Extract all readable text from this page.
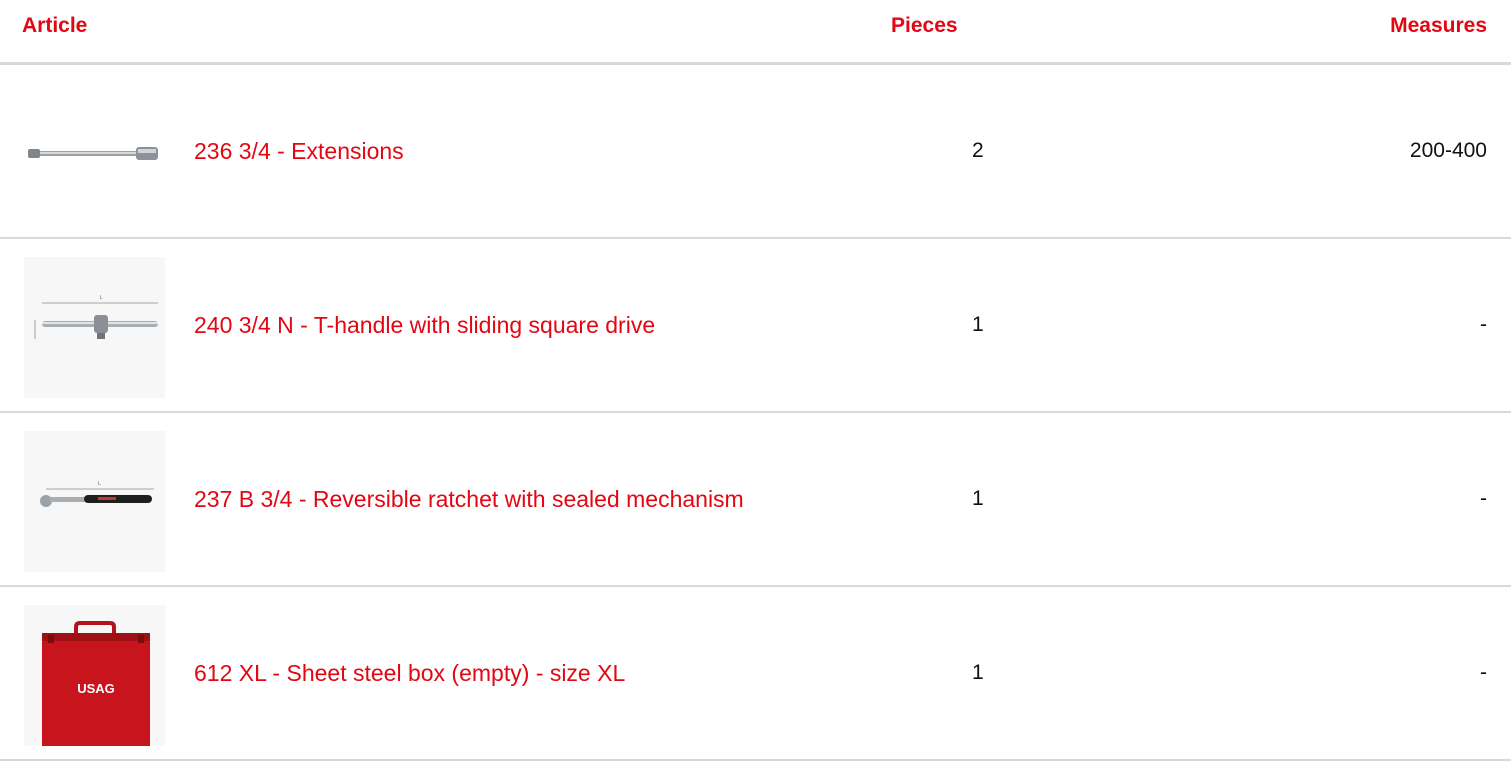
Article	Pieces	Measures
236 3/4 - Extensions	2	200-400
L
240 3/4 N - T-handle with sliding square drive	1	-
L
237 B 3/4 - Reversible ratchet with sealed mechanism	1	-
USAG
612 XL - Sheet steel box (empty) - size XL	1	-
